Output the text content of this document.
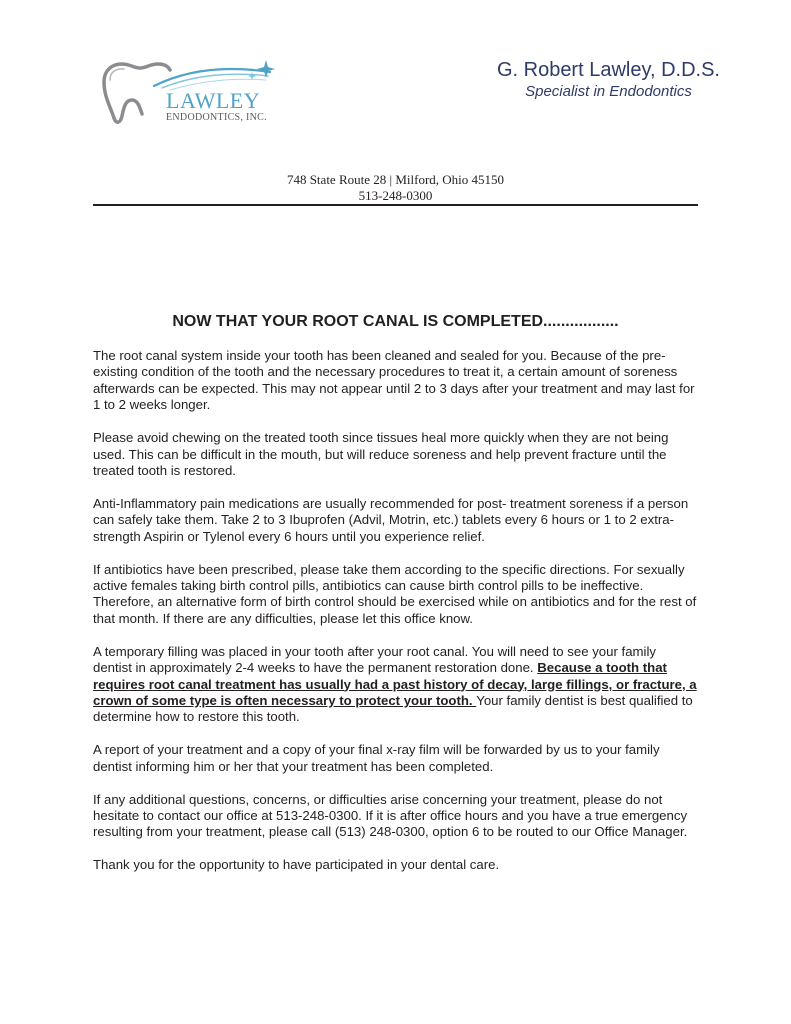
LAWLEY
ENDODONTICS, INC.
G. Robert Lawley, D.D.S.
Specialist in Endodontics
748 State Route 28 | Milford, Ohio 45150
513-248-0300
NOW THAT YOUR ROOT CANAL IS COMPLETED.................

The root canal system inside your tooth has been cleaned and sealed for you. Because of the pre-existing condition of the tooth and the necessary procedures to treat it, a certain amount of soreness afterwards can be expected. This may not appear until 2 to 3 days after your treatment and may last for 1 to 2 weeks longer.

Please avoid chewing on the treated tooth since tissues heal more quickly when they are not being used. This can be difficult in the mouth, but will reduce soreness and help prevent fracture until the treated tooth is restored.

Anti-Inflammatory pain medications are usually recommended for post- treatment soreness if a person can safely take them. Take 2 to 3 Ibuprofen (Advil, Motrin, etc.) tablets every 6 hours or 1 to 2 extra-strength Aspirin or Tylenol every 6 hours until you experience relief.

If antibiotics have been prescribed, please take them according to the specific directions. For sexually active females taking birth control pills, antibiotics can cause birth control pills to be ineffective. Therefore, an alternative form of birth control should be exercised while on antibiotics and for the rest of that month. If there are any difficulties, please let this office know.

A temporary filling was placed in your tooth after your root canal. You will need to see your family dentist in approximately 2-4 weeks to have the permanent restoration done. Because a tooth that requires root canal treatment has usually had a past history of decay, large fillings, or fracture, a crown of some type is often necessary to protect your tooth. Your family dentist is best qualified to determine how to restore this tooth.

A report of your treatment and a copy of your final x-ray film will be forwarded by us to your family dentist informing him or her that your treatment has been completed.

If any additional questions, concerns, or difficulties arise concerning your treatment, please do not hesitate to contact our office at 513-248-0300. If it is after office hours and you have a true emergency resulting from your treatment, please call (513) 248-0300, option 6 to be routed to our Office Manager.

Thank you for the opportunity to have participated in your dental care.
